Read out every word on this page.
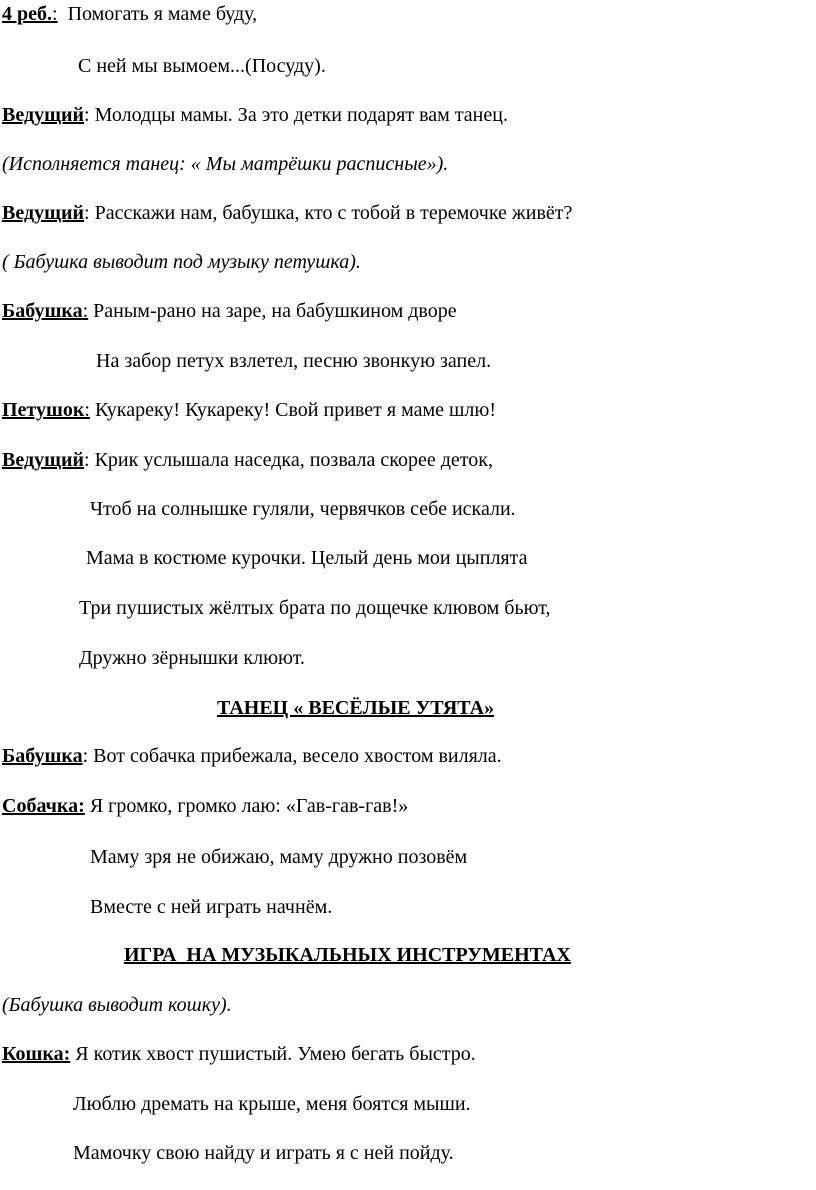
4 реб.:  Помогать я маме буду,
С ней мы вымоем...(Посуду).
Ведущий: Молодцы мамы. За это детки подарят вам танец.
(Исполняется танец: « Мы матрёшки расписные»).
Ведущий: Расскажи нам, бабушка, кто с тобой в теремочке живёт?
( Бабушка выводит под музыку петушка).
Бабушка: Раным-рано на заре, на бабушкином дворе
На забор петух взлетел, песню звонкую запел.
Петушок: Кукареку! Кукареку! Свой привет я маме шлю!
Ведущий: Крик услышала наседка, позвала скорее деток,
Чтоб на солнышке гуляли, червячков себе искали.
Мама в костюме курочки. Целый день мои цыплята
Три пушистых жёлтых брата по дощечке клювом бьют,
Дружно зёрнышки клюют.
ТАНЕЦ « ВЕСЁЛЫЕ УТЯТА»
Бабушка: Вот собачка прибежала, весело хвостом виляла.
Собачка: Я громко, громко лаю: «Гав-гав-гав!»
Маму зря не обижаю, маму дружно позовём
Вместе с ней играть начнём.
ИГРА  НА МУЗЫКАЛЬНЫХ ИНСТРУМЕНТАХ
(Бабушка выводит кошку).
Кошка: Я котик хвост пушистый. Умею бегать быстро.
Люблю дремать на крыше, меня боятся мыши.
Мамочку свою найду и играть я с ней пойду.
